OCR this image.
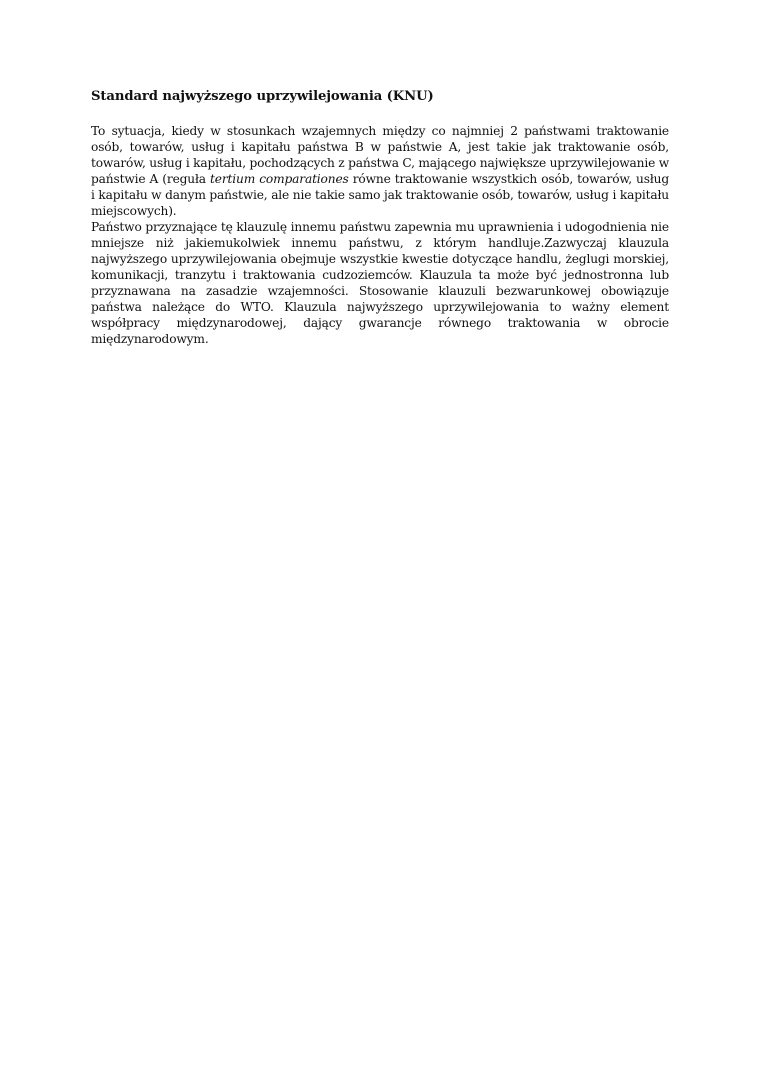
Standard najwyższego uprzywilejowania (KNU)

To sytuacja, kiedy w stosunkach wzajemnych między co najmniej 2 państwami traktowanie osób, towarów, usług i kapitału państwa B w państwie A, jest takie jak traktowanie osób, towarów, usług i kapitału, pochodzących z państwa C, mającego największe uprzywilejowanie w państwie A (reguła tertium comparationes równe traktowanie wszystkich osób, towarów, usług i kapitału w danym państwie, ale nie takie samo jak traktowanie osób, towarów, usług i kapitału miejscowych).

Państwo przyznające tę klauzulę innemu państwu zapewnia mu uprawnienia i udogodnienia nie mniejsze niż jakiemukolwiek innemu państwu, z którym handluje.Zazwyczaj klauzula najwyższego uprzywilejowania obejmuje wszystkie kwestie dotyczące handlu, żeglugi morskiej, komunikacji, tranzytu i traktowania cudzoziemców. Klauzula ta może być jednostronna lub przyznawana na zasadzie wzajemności. Stosowanie klauzuli bezwarunkowej obowiązuje państwa należące do WTO. Klauzula najwyższego uprzywilejowania to ważny element współpracy międzynarodowej, dający gwarancje równego traktowania w obrocie międzynarodowym.
